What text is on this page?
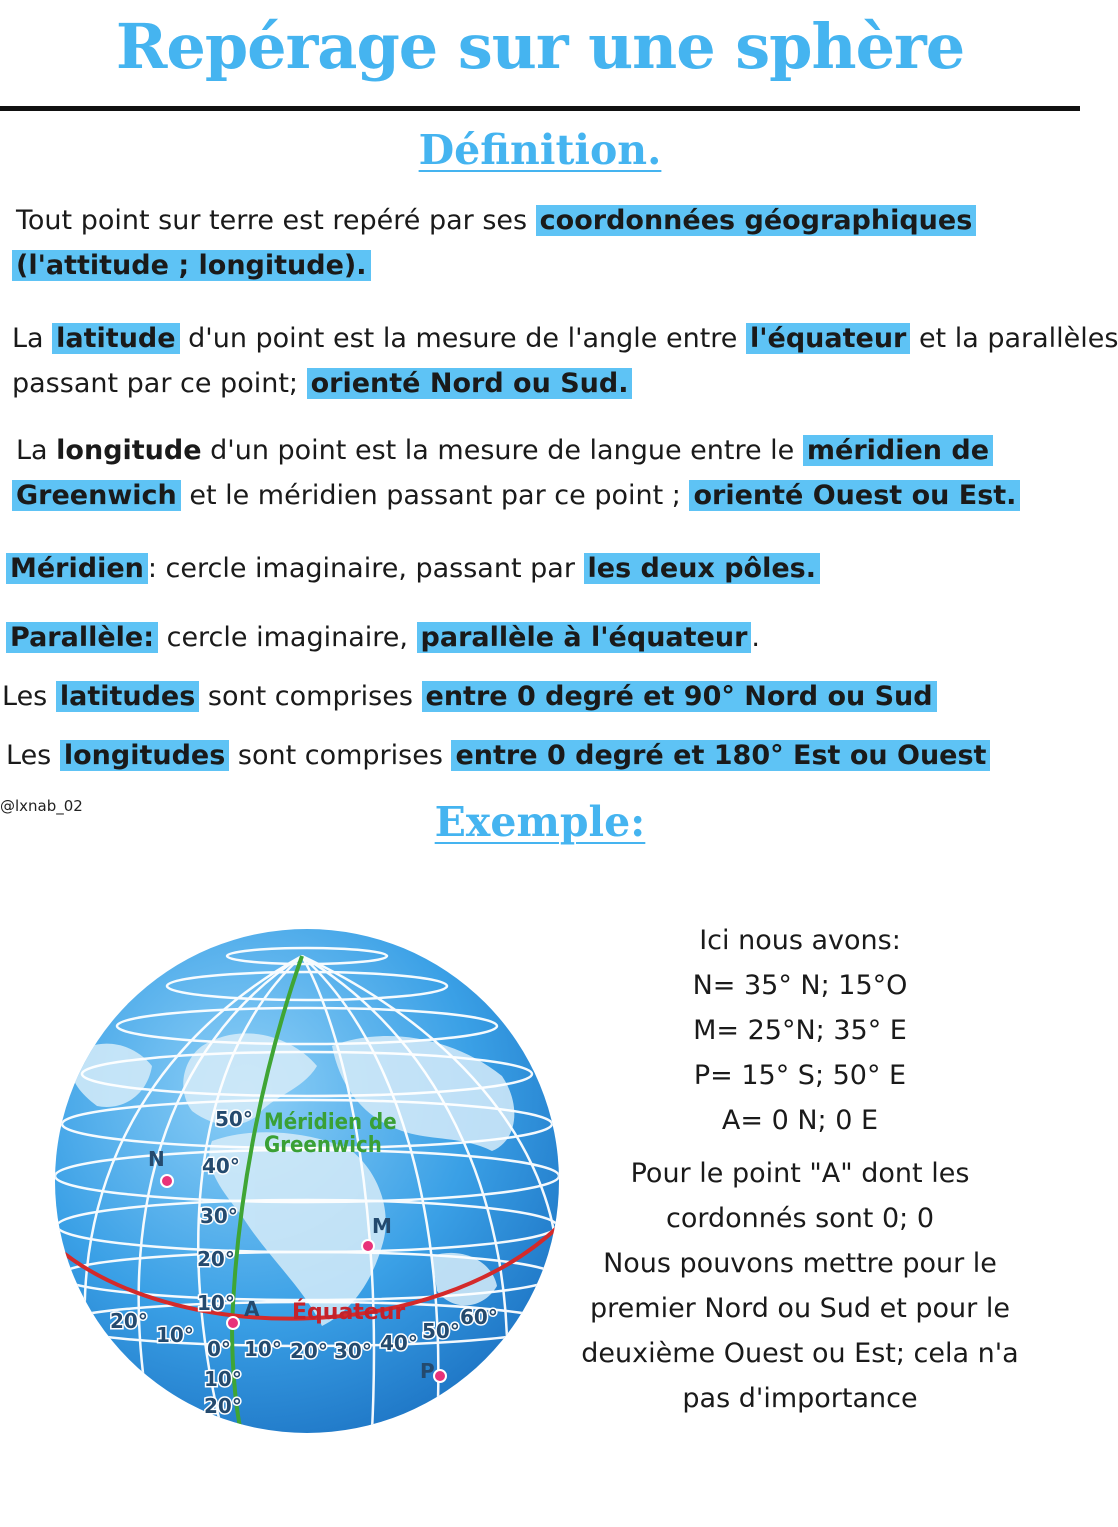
Repérage sur une sphère
Définition.

Tout point sur terre est repéré par ses coordonnées géographiques
(l'attitude ; longitude).

La latitude d'un point est la mesure de l'angle entre l'équateur et la parallèles
passant par ce point; orienté Nord ou Sud.

La longitude d'un point est la mesure de langue entre le méridien de
Greenwich et le méridien passant par ce point ; orienté Ouest ou Est.

Méridien : cercle imaginaire, passant par les deux pôles.

Parallèle: cercle imaginaire, parallèle à l'équateur .

Les latitudes sont comprises entre 0 degré et 90° Nord ou Sud

Les longitudes sont comprises entre 0 degré et 180° Est ou Ouest

@lxnab_02	Exemple:
Méridien de
Greenwich
Équateur
50°
40°
30°
20°
10°
0°
10°
20°
20°
10°
10° 20° 30° 40° 50°
60°
N
M
A
P
Ici nous avons:
N= 35° N; 15°O
M= 25°N; 35° E
P= 15° S; 50° E
A= 0 N; 0 E
Pour le point "A" dont les
cordonnés sont 0; 0
Nous pouvons mettre pour le
premier Nord ou Sud et pour le
deuxième Ouest ou Est; cela n'a
pas d'importance
